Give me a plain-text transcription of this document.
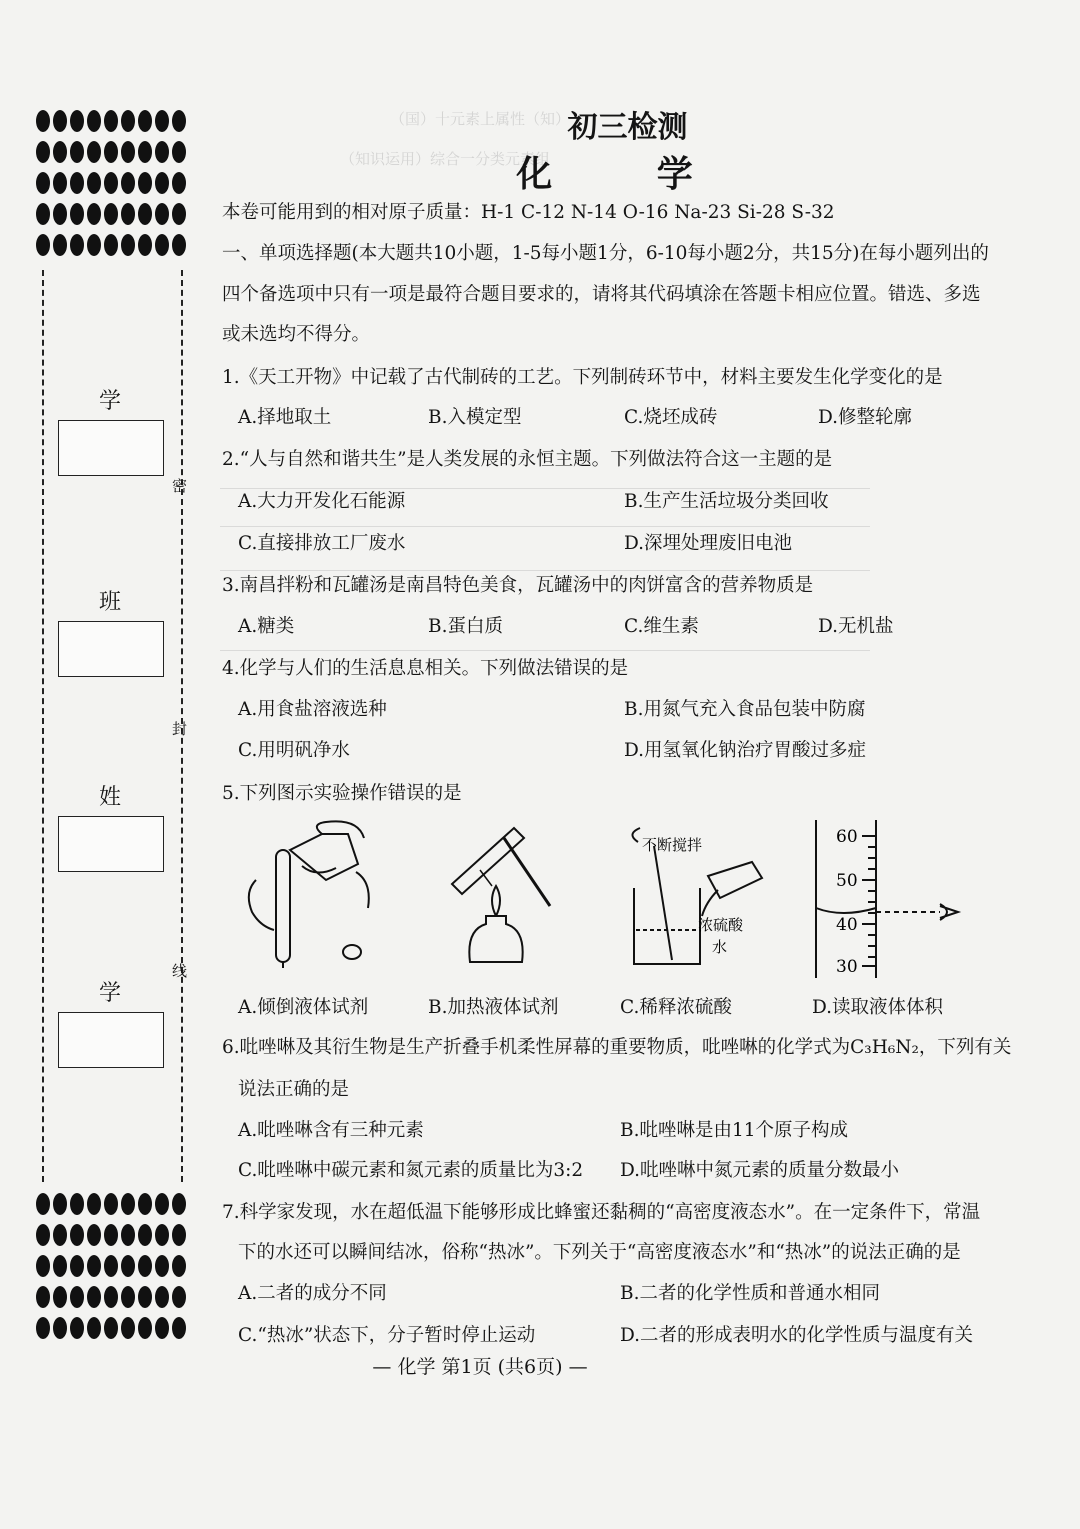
（国）十元素上属性（知）
（知识运用）综合一分类元素组
学
班
姓
学
密
封
线
初三检测
化 学
本卷可能用到的相对原子质量：H-1 C-12 N-14 O-16 Na-23 Si-28 S-32
一、单项选择题(本大题共10小题，1-5每小题1分，6-10每小题2分，共15分)在每小题列出的
四个备选项中只有一项是最符合题目要求的，请将其代码填涂在答题卡相应位置。错选、多选
或未选均不得分。
1.《天工开物》中记载了古代制砖的工艺。下列制砖环节中，材料主要发生化学变化的是
A.择地取土	B.入模定型	C.烧坯成砖	D.修整轮廓
2.“人与自然和谐共生”是人类发展的永恒主题。下列做法符合这一主题的是
A.大力开发化石能源	B.生产生活垃圾分类回收
C.直接排放工厂废水	D.深埋处理废旧电池
3.南昌拌粉和瓦罐汤是南昌特色美食，瓦罐汤中的肉饼富含的营养物质是
A.糖类	B.蛋白质	C.维生素	D.无机盐
4.化学与人们的生活息息相关。下列做法错误的是
A.用食盐溶液选种	B.用氮气充入食品包装中防腐
C.用明矾净水	D.用氢氧化钠治疗胃酸过多症
5.下列图示实验操作错误的是
不断搅拌
浓硫酸
水
60
50
40
30
A.倾倒液体试剂	B.加热液体试剂	C.稀释浓硫酸	D.读取液体体积
6.吡唑啉及其衍生物是生产折叠手机柔性屏幕的重要物质，吡唑啉的化学式为C₃H₆N₂，下列有关
说法正确的是
A.吡唑啉含有三种元素	B.吡唑啉是由11个原子构成
C.吡唑啉中碳元素和氮元素的质量比为3:2 D.吡唑啉中氮元素的质量分数最小
7.科学家发现，水在超低温下能够形成比蜂蜜还黏稠的“高密度液态水”。在一定条件下，常温
下的水还可以瞬间结冰，俗称“热冰”。下列关于“高密度液态水”和“热冰”的说法正确的是
A.二者的成分不同	B.二者的化学性质和普通水相同
C.“热冰”状态下，分子暂时停止运动	D.二者的形成表明水的化学性质与温度有关
— 化学 第1页 (共6页) —
